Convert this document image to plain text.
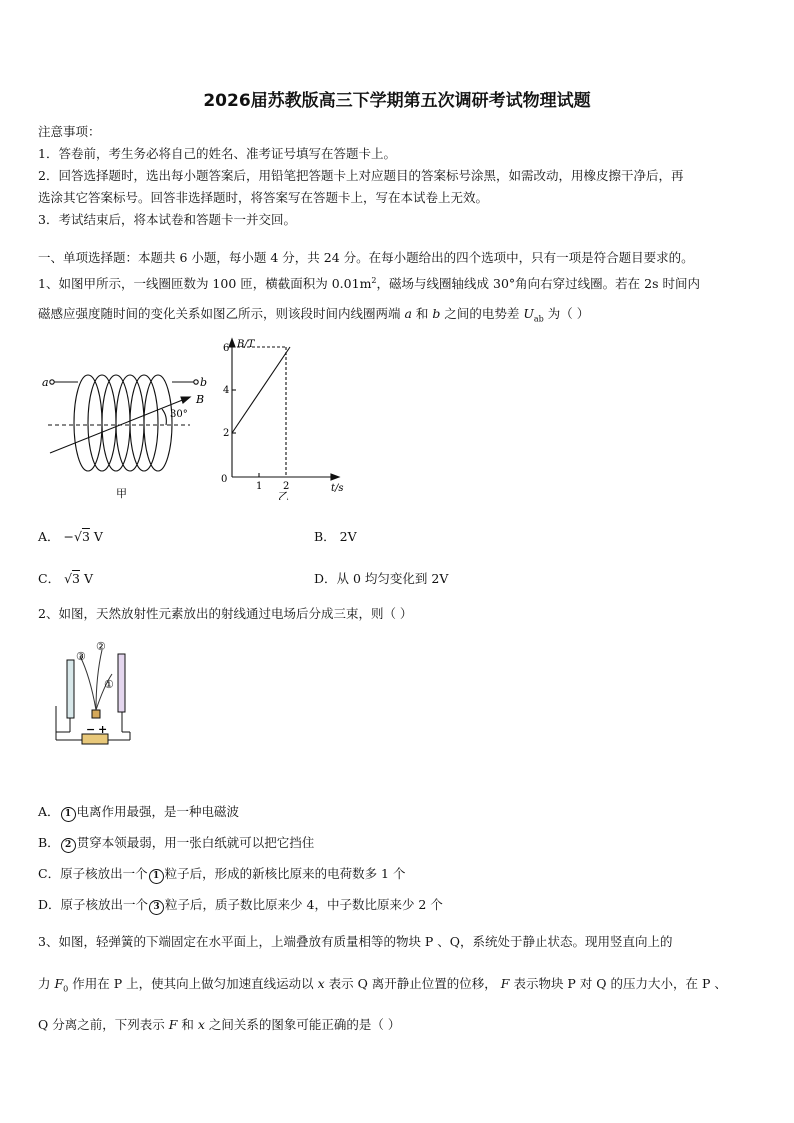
2026届苏教版高三下学期第五次调研考试物理试题
注意事项：
1．答卷前，考生务必将自己的姓名、准考证号填写在答题卡上。
2．回答选择题时，选出每小题答案后，用铅笔把答题卡上对应题目的答案标号涂黑，如需改动，用橡皮擦干净后，再
选涂其它答案标号。回答非选择题时，将答案写在答题卡上，写在本试卷上无效。
3．考试结束后，将本试卷和答题卡一并交回。
一、单项选择题：本题共 6 小题，每小题 4 分，共 24 分。在每小题给出的四个选项中，只有一项是符合题目要求的。
1、如图甲所示，一线圈匝数为 100 匝，横截面积为 $0.01m^2$，磁场与线圈轴线成 30°角向右穿过线圈。若在 2s 时间内
磁感应强度随时间的变化关系如图乙所示，则该段时间内线圈两端 a 和 b 之间的电势差 $U_{ab}$ 为（ ）
a	b
B
30°
甲
B/T
2
4
6
0
1 2	t/s
乙
A． −√3 V	B． 2V
C． √3 V	D．从 0 均匀变化到 2V
2、如图，天然放射性元素放出的射线通过电场后分成三束，则（ ）
②
③
①
− +
A． 1 电离作用最强，是一种电磁波
B． 2 贯穿本领最弱，用一张白纸就可以把它挡住
C．原子核放出一个 1 粒子后，形成的新核比原来的电荷数多 1 个
D．原子核放出一个 3 粒子后，质子数比原来少 4，中子数比原来少 2 个
3、如图，轻弹簧的下端固定在水平面上，上端叠放有质量相等的物块 P 、Q，系统处于静止状态。现用竖直向上的
力 $F_0$ 作用在 P 上，使其向上做匀加速直线运动以 x 表示 Q 离开静止位置的位移， F 表示物块 P 对 Q 的压力大小，在 P 、
Q 分离之前，下列表示 F 和 x 之间关系的图象可能正确的是（ ）
